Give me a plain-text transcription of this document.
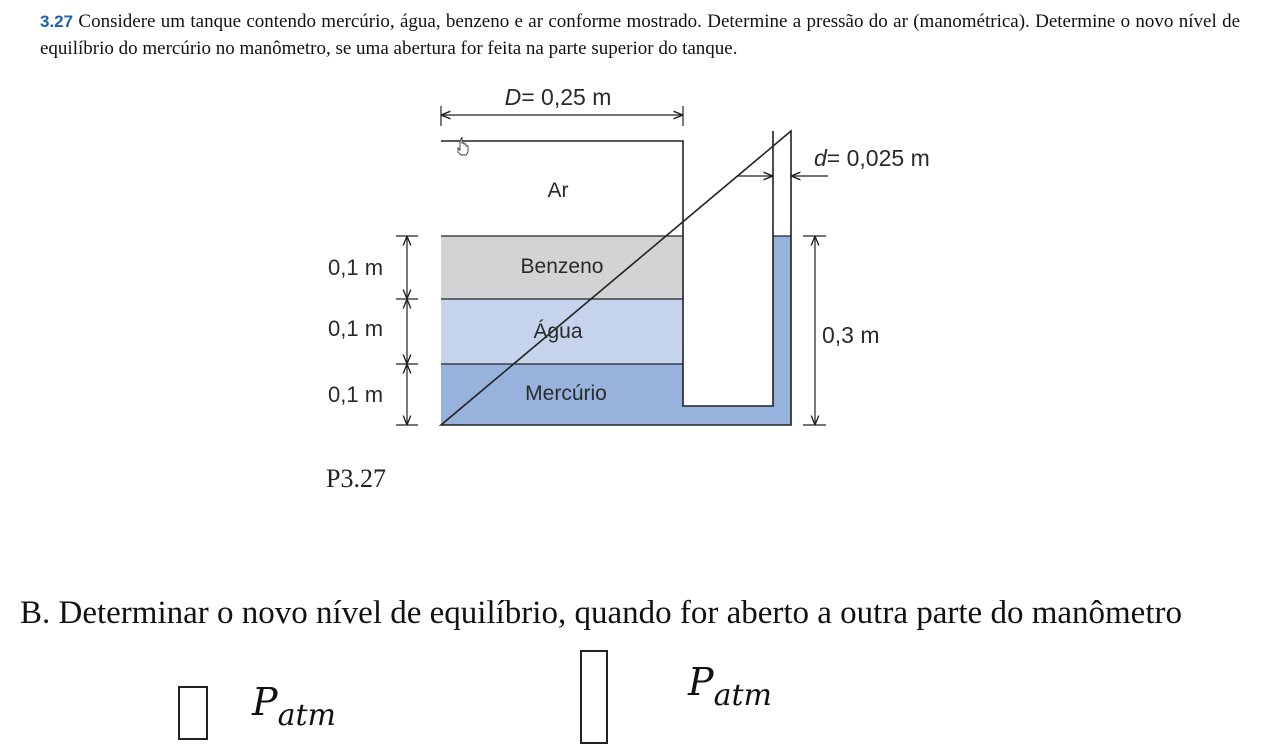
3.27 Considere um tanque contendo mercúrio, água, benzeno e ar conforme mostrado. Determine a pressão do ar (manométrica). Determine o novo nível de equilíbrio do mercúrio no manômetro, se uma abertura for feita na parte superior do tanque.
D= 0,25 m
d= 0,025 m
Ar
Benzeno
Água
Mercúrio
0,1 m
0,1 m
0,1 m
0,3 m
P3.27
B. Determinar o novo nível de equilíbrio, quando for aberto a outra parte do manômetro
$P_{atm}$
$P_{atm}$
